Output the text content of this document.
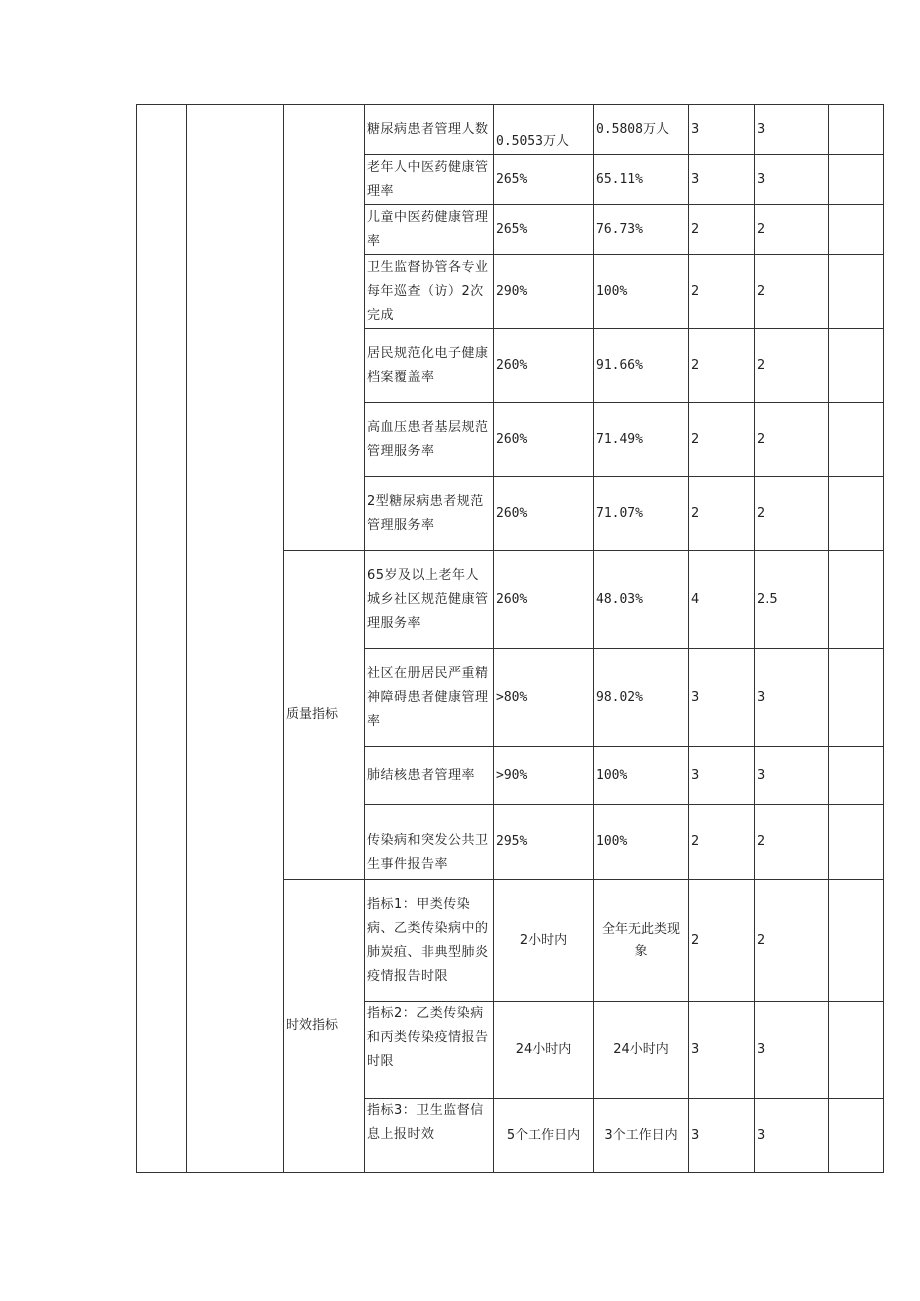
			糖尿病患者管理人数	0.5053万人	0.5808万人	3	3	
			老年人中医药健康管理率	265%	65.11%	3	3	
			儿童中医药健康管理率	265%	76.73%	2	2	
			卫生监督协管各专业每年巡查（访）2次完成	290%	100%	2	2	
			居民规范化电子健康档案覆盖率	260%	91.66%	2	2	
			高血压患者基层规范管理服务率	260%	71.49%	2	2	
			2型糖尿病患者规范管理服务率	260%	71.07%	2	2	
		质量指标	65岁及以上老年人城乡社区规范健康管理服务率	260%	48.03%	4	2.5	
			社区在册居民严重精神障碍患者健康管理率	>80%	98.02%	3	3	
			肺结核患者管理率	>90%	100%	3	3	
			传染病和突发公共卫生事件报告率	295%	100%	2	2	
		时效指标	指标1：甲类传染病、乙类传染病中的肺炭疽、非典型肺炎疫情报告时限	2小时内	全年无此类现象	2	2	
			指标2：乙类传染病和丙类传染疫情报告时限	24小时内	24小时内	3	3	
			指标3：卫生监督信息上报时效	5个工作日内	3个工作日内	3	3	
